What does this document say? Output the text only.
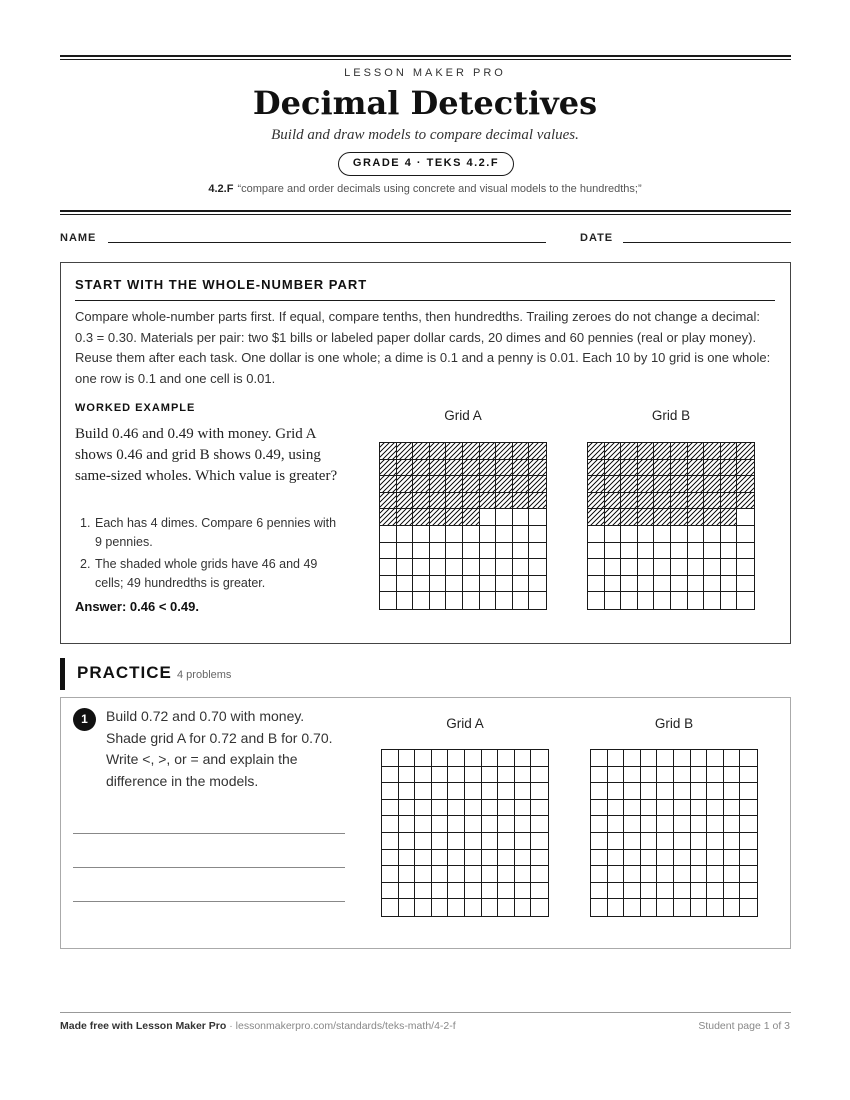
LESSON MAKER PRO
Decimal Detectives
Build and draw models to compare decimal values.
GRADE 4 · TEKS 4.2.F
4.2.F “compare and order decimals using concrete and visual models to the hundredths;”
NAME	DATE
START WITH THE WHOLE-NUMBER PART
Compare whole-number parts first. If equal, compare tenths, then hundredths. Trailing zeroes do not change a decimal: 0.3 = 0.30. Materials per pair: two $1 bills or labeled paper dollar cards, 20 dimes and 60 pennies (real or play money). Reuse them after each task. One dollar is one whole; a dime is 0.1 and a penny is 0.01. Each 10 by 10 grid is one whole: one row is 0.1 and one cell is 0.01.
WORKED EXAMPLE
Build 0.46 and 0.49 with money. Grid A shows 0.46 and grid B shows 0.49, using same-sized wholes. Which value is greater?
1. Each has 4 dimes. Compare 6 pennies with 9 pennies.
2. The shaded whole grids have 46 and 49 cells; 49 hundredths is greater.
Answer: 0.46 < 0.49.
Grid A	Grid B
PRACTICE 4 problems
1	Build 0.72 and 0.70 with money. Shade grid A for 0.72 and B for 0.70. Write <, >, or = and explain the difference in the models.
Grid A	Grid B
Made free with Lesson Maker Pro · lessonmakerpro.com/standards/teks-math/4-2-f	Student page 1 of 3
